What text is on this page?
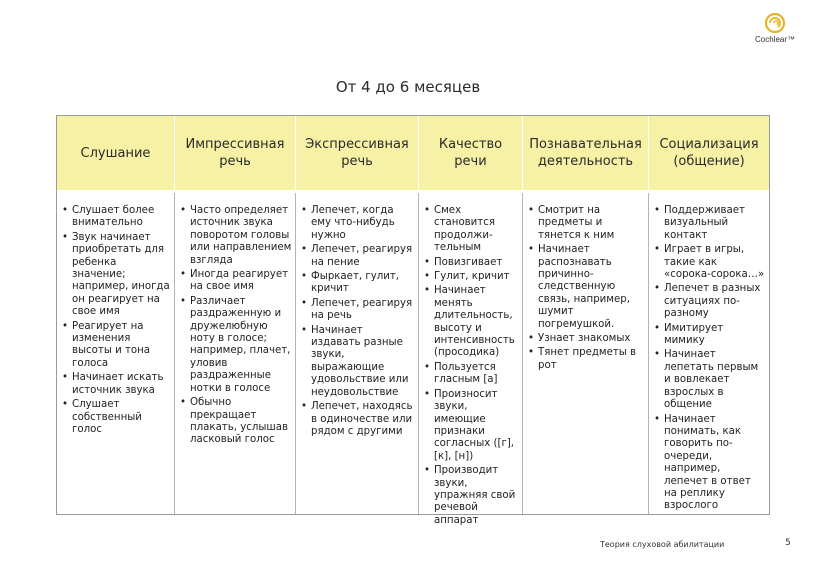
Cochlear™
От 4 до 6 месяцев
Слушание
Импрессивная речь
Экспрессивная речь
Качество речи
Познавательная деятельность
Социализация (общение)
• Слушает более внимательно
• Звук начинает приобретать для ребенка значение; например, иногда он реагирует на свое имя
• Реагирует на изменения высоты и тона голоса
• Начинает искать источник звука
• Слушает собственный голос
• Часто определяет источник звука поворотом головы или направлением взгляда
• Иногда реагирует на свое имя
• Различает раздраженную и дружелюбную ноту в голосе; например, плачет, уловив раздраженные нотки в голосе
• Обычно прекращает плакать, услышав ласковый голос
• Лепечет, когда ему что-нибудь нужно
• Лепечет, реагируя на пение
• Фыркает, гулит, кричит
• Лепечет, реагируя на речь
• Начинает издавать разные звуки, выражающие удовольствие или неудовольствие
• Лепечет, находясь в одиночестве или рядом с другими
• Смех становится продолжи-тельным
• Повизгивает
• Гулит, кричит
• Начинает менять длительность, высоту и интенсивность (просодика)
• Пользуется гласным [а]
• Произносит звуки, имеющие признаки согласных ([г], [к], [н])
• Производит звуки, упражняя свой речевой аппарат
• Смотрит на предметы и тянется к ним
• Начинает распознавать причинно-следственную связь, например, шумит погремушкой.
• Узнает знакомых
• Тянет предметы в рот
• Поддерживает визуальный контакт
• Играет в игры, такие как «сорока-сорока…»
• Лепечет в разных ситуациях по-разному
• Имитирует мимику
• Начинает лепетать первым и вовлекает взрослых в общение
• Начинает понимать, как говорить по-очереди, например, лепечет в ответ на реплику взрослого
Теория слуховой абилитации	5
